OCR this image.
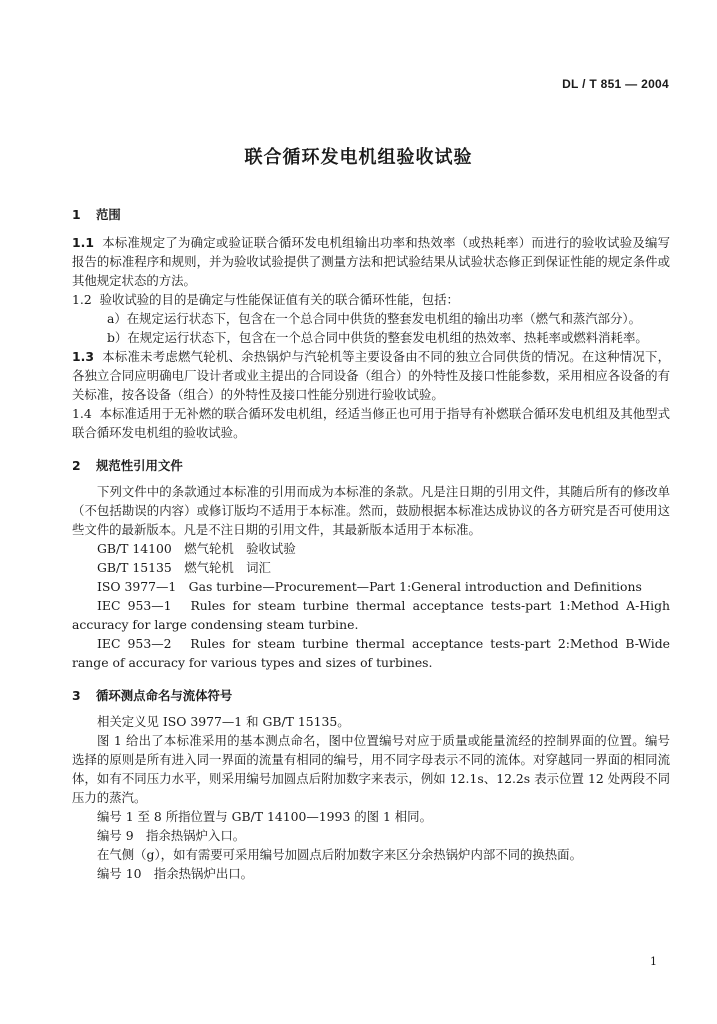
DL / T 851 — 2004
联合循环发电机组验收试验
1 范围

1.1 本标准规定了为确定或验证联合循环发电机组输出功率和热效率（或热耗率）而进行的验收试验及编写报告的标准程序和规则，并为验收试验提供了测量方法和把试验结果从试验状态修正到保证性能的规定条件或其他规定状态的方法。

1.2 验收试验的目的是确定与性能保证值有关的联合循环性能，包括：

a）在规定运行状态下，包含在一个总合同中供货的整套发电机组的输出功率（燃气和蒸汽部分）。

b）在规定运行状态下，包含在一个总合同中供货的整套发电机组的热效率、热耗率或燃料消耗率。

1.3 本标准未考虑燃气轮机、余热锅炉与汽轮机等主要设备由不同的独立合同供货的情况。在这种情况下，各独立合同应明确电厂设计者或业主提出的合同设备（组合）的外特性及接口性能参数，采用相应各设备的有关标准，按各设备（组合）的外特性及接口性能分别进行验收试验。

1.4 本标准适用于无补燃的联合循环发电机组，经适当修正也可用于指导有补燃联合循环发电机组及其他型式联合循环发电机组的验收试验。

2 规范性引用文件

下列文件中的条款通过本标准的引用而成为本标准的条款。凡是注日期的引用文件，其随后所有的修改单（不包括勘误的内容）或修订版均不适用于本标准。然而，鼓励根据本标准达成协议的各方研究是否可使用这些文件的最新版本。凡是不注日期的引用文件，其最新版本适用于本标准。

GB/T 14100　燃气轮机　验收试验

GB/T 15135　燃气轮机　词汇

ISO 3977—1　Gas turbine—Procurement—Part 1:General introduction and Definitions

IEC 953—1　Rules for steam turbine thermal acceptance tests-part 1:Method A-High accuracy for large condensing steam turbine.

IEC 953—2　Rules for steam turbine thermal acceptance tests-part 2:Method B-Wide range of accuracy for various types and sizes of turbines.

3 循环测点命名与流体符号

相关定义见 ISO 3977—1 和 GB/T 15135。

图 1 给出了本标准采用的基本测点命名，图中位置编号对应于质量或能量流经的控制界面的位置。编号选择的原则是所有进入同一界面的流量有相同的编号，用不同字母表示不同的流体。对穿越同一界面的相同流体，如有不同压力水平，则采用编号加圆点后附加数字来表示，例如 12.1s、12.2s 表示位置 12 处两段不同压力的蒸汽。

编号 1 至 8 所指位置与 GB/T 14100—1993 的图 1 相同。

编号 9　指余热锅炉入口。

在气侧（g），如有需要可采用编号加圆点后附加数字来区分余热锅炉内部不同的换热面。

编号 10　指余热锅炉出口。

1
